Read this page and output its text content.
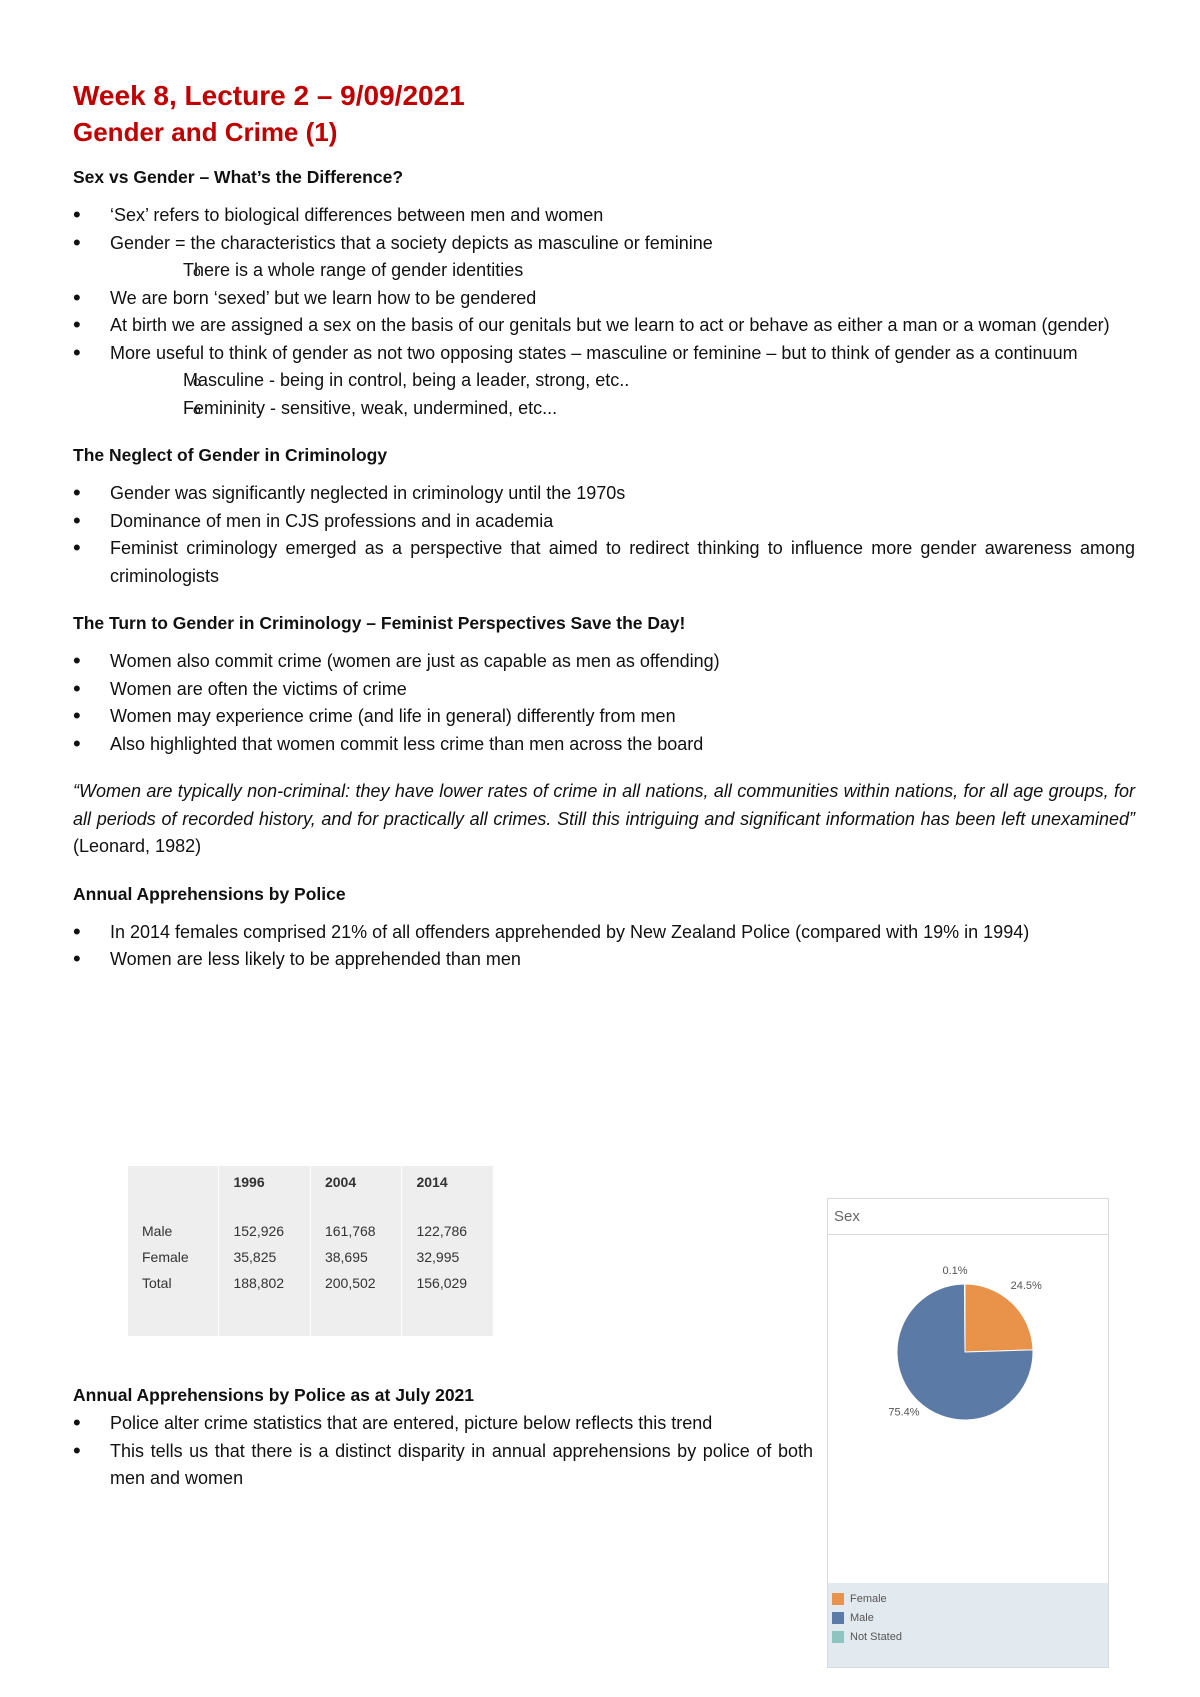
Week 8, Lecture 2 – 9/09/2021
Gender and Crime (1)
Sex vs Gender – What’s the Difference?
• ‘Sex’ refers to biological differences between men and women
• Gender = the characteristics that a society depicts as masculine or feminine
o There is a whole range of gender identities
• We are born ‘sexed’ but we learn how to be gendered
• At birth we are assigned a sex on the basis of our genitals but we learn to act or behave as either a man or a woman (gender)
• More useful to think of gender as not two opposing states – masculine or feminine – but to think of gender as a continuum
o Masculine - being in control, being a leader, strong, etc..
o Femininity - sensitive, weak, undermined, etc...
The Neglect of Gender in Criminology
• Gender was significantly neglected in criminology until the 1970s
• Dominance of men in CJS professions and in academia
• Feminist criminology emerged as a perspective that aimed to redirect thinking to influence more gender awareness among criminologists
The Turn to Gender in Criminology – Feminist Perspectives Save the Day!
• Women also commit crime (women are just as capable as men as offending)
• Women are often the victims of crime
• Women may experience crime (and life in general) differently from men
• Also highlighted that women commit less crime than men across the board

“Women are typically non-criminal: they have lower rates of crime in all nations, all communities within nations, for all age groups, for all periods of recorded history, and for practically all crimes. Still this intriguing and significant information has been left unexamined” (Leonard, 1982)

Annual Apprehensions by Police
• In 2014 females comprised 21% of all offenders apprehended by New Zealand Police (compared with 19% in 1994)
• Women are less likely to be apprehended than men
	1996	2004	2014
Male	152,926	161,768	122,786
Female	35,825	38,695	32,995
Total	188,802	200,502	156,029

Annual Apprehensions by Police as at July 2021
• Police alter crime statistics that are entered, picture below reflects this trend
• This tells us that there is a distinct disparity in annual apprehensions by police of both men and women
Sex
24.5%
75.4%
0.1%
Female
Male
Not Stated
